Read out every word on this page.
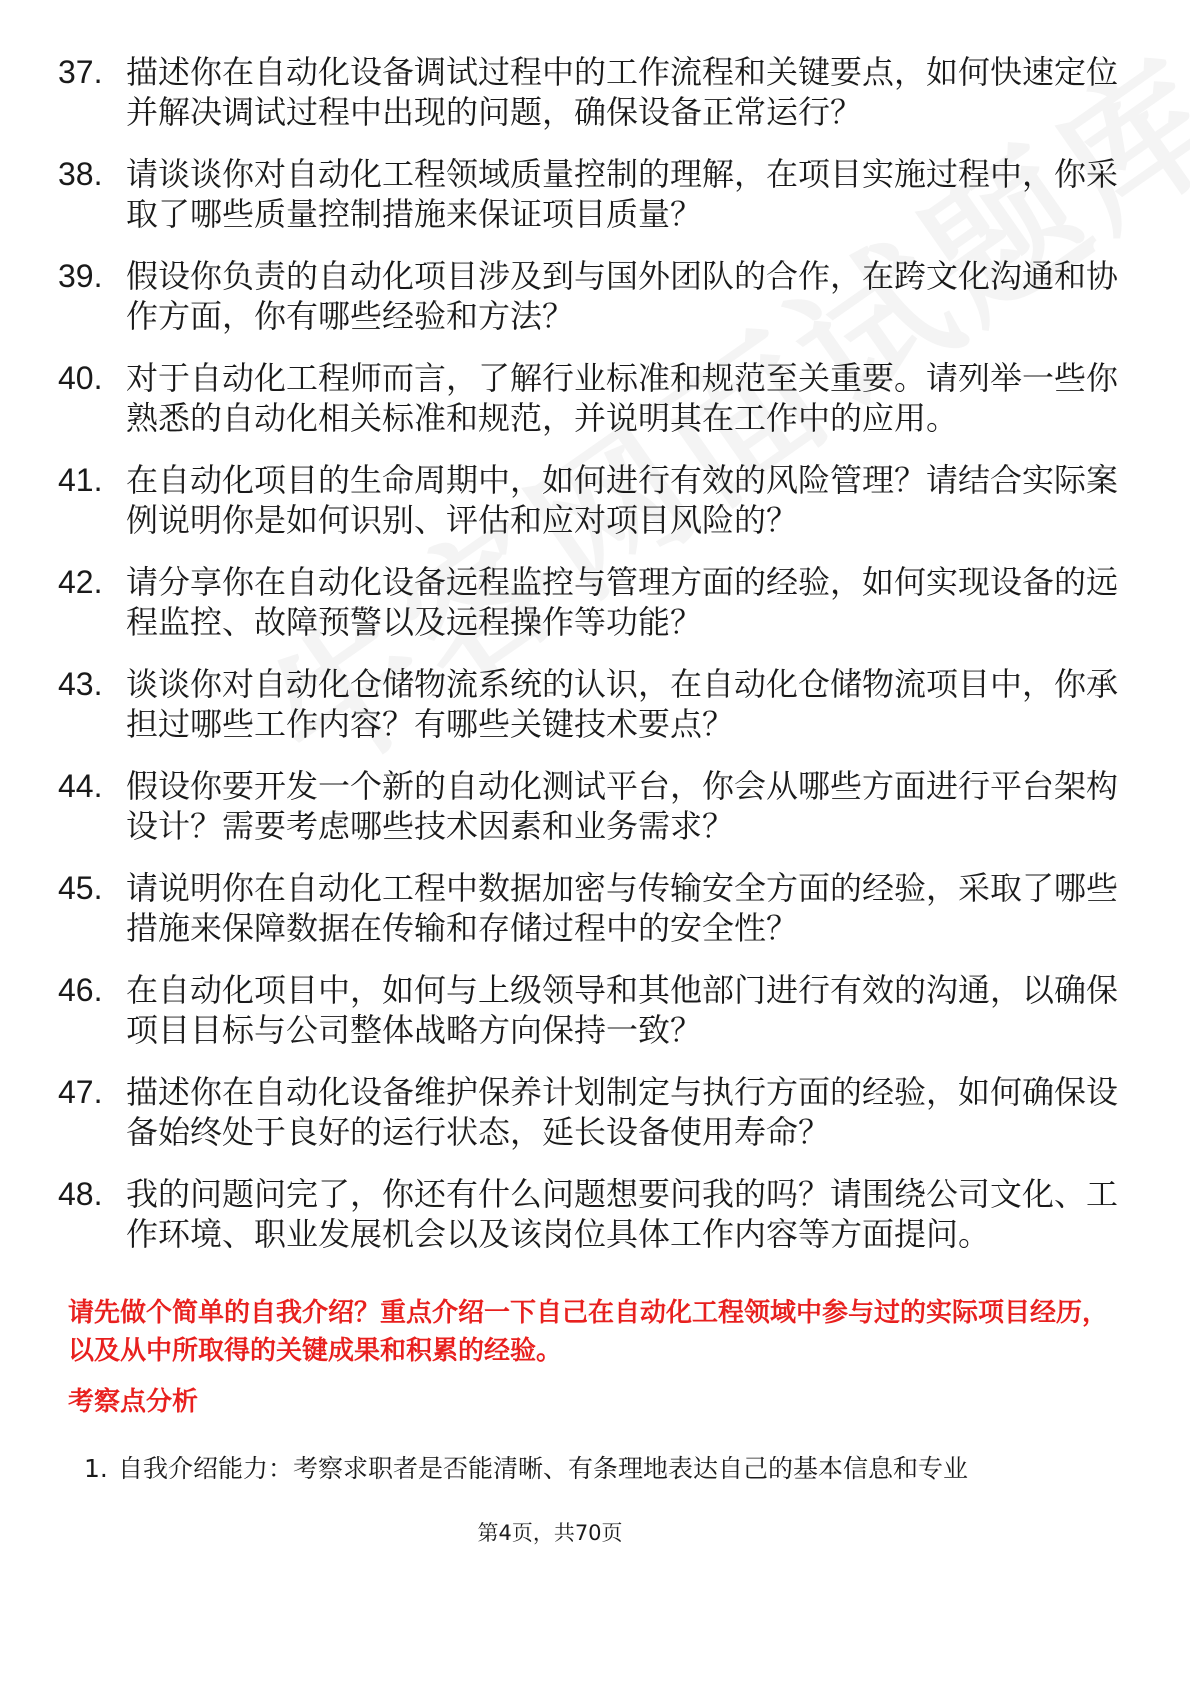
37. 描述你在自动化设备调试过程中的工作流程和关键要点，如何快速定位并解决调试过程中出现的问题，确保设备正常运行？
38. 请谈谈你对自动化工程领域质量控制的理解，在项目实施过程中，你采取了哪些质量控制措施来保证项目质量？
39. 假设你负责的自动化项目涉及到与国外团队的合作，在跨文化沟通和协作方面，你有哪些经验和方法？
40. 对于自动化工程师而言，了解行业标准和规范至关重要。请列举一些你熟悉的自动化相关标准和规范，并说明其在工作中的应用。
41. 在自动化项目的生命周期中，如何进行有效的风险管理？请结合实际案例说明你是如何识别、评估和应对项目风险的？
42. 请分享你在自动化设备远程监控与管理方面的经验，如何实现设备的远程监控、故障预警以及远程操作等功能？
43. 谈谈你对自动化仓储物流系统的认识，在自动化仓储物流项目中，你承担过哪些工作内容？有哪些关键技术要点？
44. 假设你要开发一个新的自动化测试平台，你会从哪些方面进行平台架构设计？需要考虑哪些技术因素和业务需求？
45. 请说明你在自动化工程中数据加密与传输安全方面的经验，采取了哪些措施来保障数据在传输和存储过程中的安全性？
46. 在自动化项目中，如何与上级领导和其他部门进行有效的沟通，以确保项目目标与公司整体战略方向保持一致？
47. 描述你在自动化设备维护保养计划制定与执行方面的经验，如何确保设备始终处于良好的运行状态，延长设备使用寿命？
48. 我的问题问完了，你还有什么问题想要问我的吗？请围绕公司文化、工作环境、职业发展机会以及该岗位具体工作内容等方面提问。
请先做个简单的自我介绍？重点介绍一下自己在自动化工程领域中参与过的实际项目经历，以及从中所取得的关键成果和积累的经验。
考察点分析
1. 自我介绍能力：考察求职者是否能清晰、有条理地表达自己的基本信息和专业
第4页，共70页
